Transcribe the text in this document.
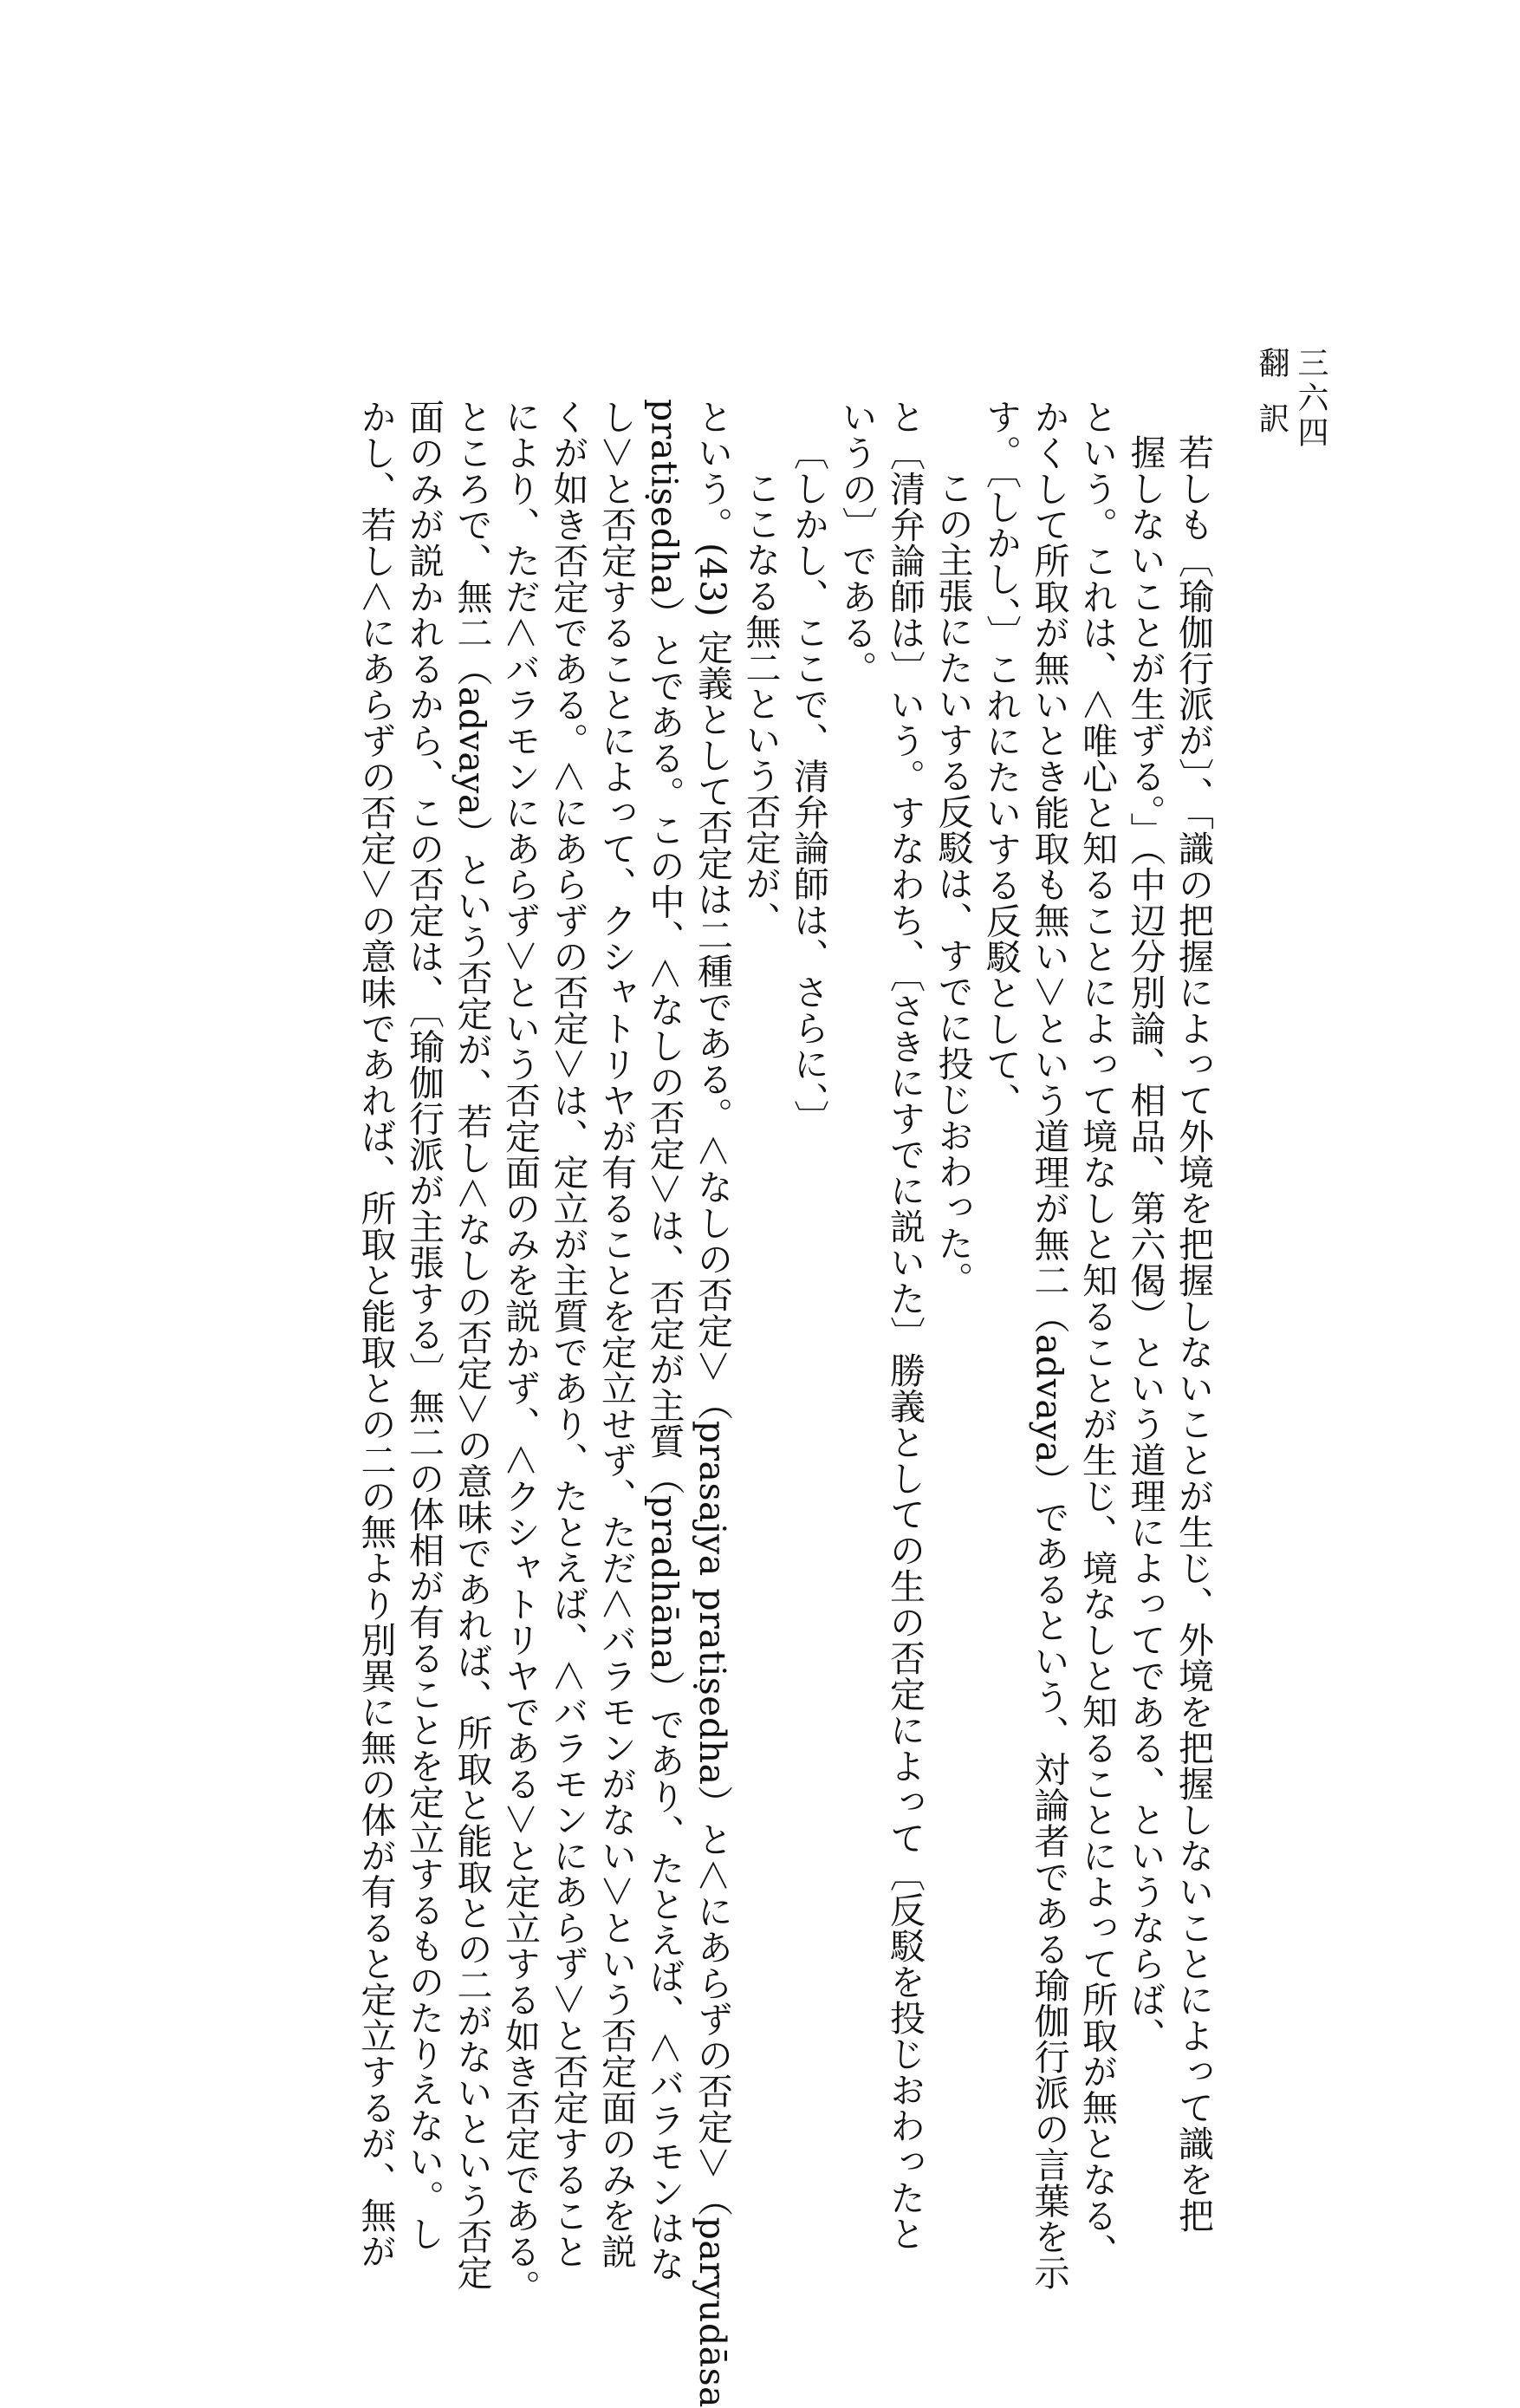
翻訳 三六四
若しも〔瑜伽行派が〕、「識の把握によって外境を把握しないことが生じ、外境を把握しないことによって識を把
握しないことが生ずる。」（中辺分別論、相品、第六偈）という道理によってである、というならば、
という。これは、＜唯心と知ることによって境なしと知ることが生じ、境なしと知ることによって所取が無となる、
かくして所取が無いとき能取も無い＞という道理が無二（advaya）であるという、対論者である瑜伽行派の言葉を示
す。〔しかし、〕これにたいする反駁として、
この主張にたいする反駁は、すでに投じおわった。
と〔清弁論師は〕いう。すなわち、〔さきにすでに説いた〕勝義としての生の否定によって〔反駁を投じおわったと
いうの〕である。
〔しかし、ここで、清弁論師は、さらに、〕
ここなる無二という否定が、
という。(43) 定義として否定は二種である。＜なしの否定＞（prasajya pratiṣedha）と＜にあらずの否定＞（paryudāsa
pratiṣedha）とである。この中、＜なしの否定＞は、否定が主質（pradhāna）であり、たとえば、＜バラモンはな
し＞と否定することによって、クシャトリヤが有ることを定立せず、ただ＜バラモンがない＞という否定面のみを説
くが如き否定である。＜にあらずの否定＞は、定立が主質であり、たとえば、＜バラモンにあらず＞と否定すること
により、ただ＜バラモンにあらず＞という否定面のみを説かず、＜クシャトリヤである＞と定立する如き否定である。
ところで、無二（advaya）という否定が、若し＜なしの否定＞の意味であれば、所取と能取との二がないという否定
面のみが説かれるから、この否定は、〔瑜伽行派が主張する〕無二の体相が有ることを定立するものたりえない。し
かし、若し＜にあらずの否定＞の意味であれば、所取と能取との二の無より別異に無の体が有ると定立するが、無が
